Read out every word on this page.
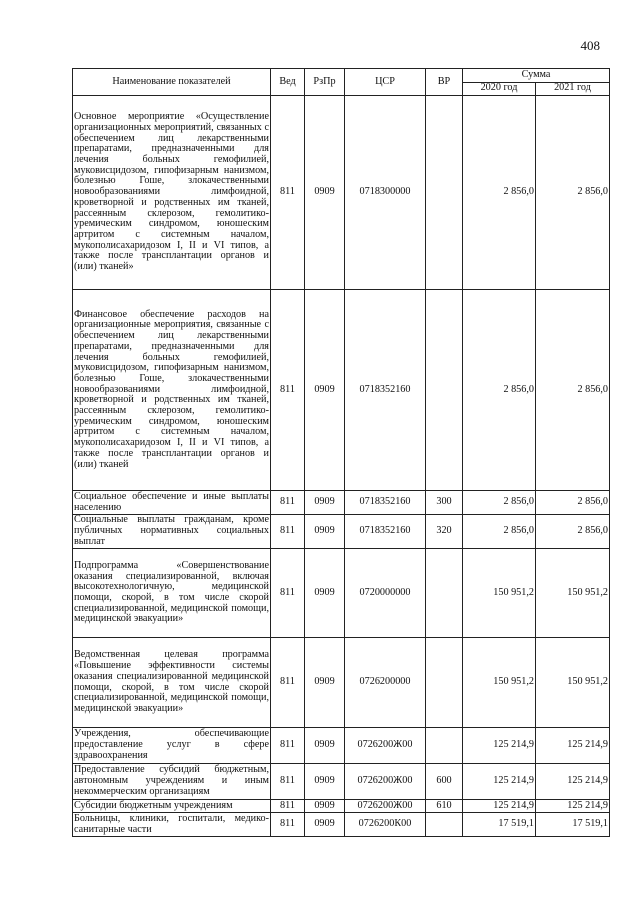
408
Наименование показателей	Вед	РзПр	ЦСР	ВР	Сумма	
					2020 год	2021 год
Основное мероприятие «Осуществление организационных мероприятий, связанных с обеспечением лиц лекарственными препаратами, предназначенными для лечения больных гемофилией, муковисцидозом, гипофизарным нанизмом, болезнью Гоше, злокачественными новообразованиями лимфоидной, кроветворной и родственных им тканей, рассеянным склерозом, гемолитико-уремическим синдромом, юношеским артритом с системным началом, мукополисахаридозом I, II и VI типов, а также после трансплантации органов и (или) тканей»	811	0909	0718300000		2 856,0	2 856,0
Финансовое обеспечение расходов на организационные мероприятия, связанные с обеспечением лиц лекарственными препаратами, предназначенными для лечения больных гемофилией, муковисцидозом, гипофизарным нанизмом, болезнью Гоше, злокачественными новообразованиями лимфоидной, кроветворной и родственных им тканей, рассеянным склерозом, гемолитико-уремическим синдромом, юношеским артритом с системным началом, мукополисахаридозом I, II и VI типов, а также после трансплантации органов и (или) тканей	811	0909	0718352160		2 856,0	2 856,0
Социальное обеспечение и иные выплаты населению	811	0909	0718352160	300	2 856,0	2 856,0
Социальные выплаты гражданам, кроме публичных нормативных социальных выплат	811	0909	0718352160	320	2 856,0	2 856,0
Подпрограмма «Совершенствование оказания специализированной, включая высокотехнологичную, медицинской помощи, скорой, в том числе скорой специализированной, медицинской помощи, медицинской эвакуации»	811	0909	0720000000		150 951,2	150 951,2
Ведомственная целевая программа «Повышение эффективности системы оказания специализированной медицинской помощи, скорой, в том числе скорой специализированной, медицинской помощи, медицинской эвакуации»	811	0909	0726200000		150 951,2	150 951,2
Учреждения, обеспечивающие предоставление услуг в сфере здравоохранения	811	0909	0726200Ж00		125 214,9	125 214,9
Предоставление субсидий бюджетным, автономным учреждениям и иным некоммерческим организациям	811	0909	0726200Ж00	600	125 214,9	125 214,9
Субсидии бюджетным учреждениям	811	0909	0726200Ж00	610	125 214,9	125 214,9
Больницы, клиники, госпитали, медико-санитарные части	811	0909	0726200К00		17 519,1	17 519,1
